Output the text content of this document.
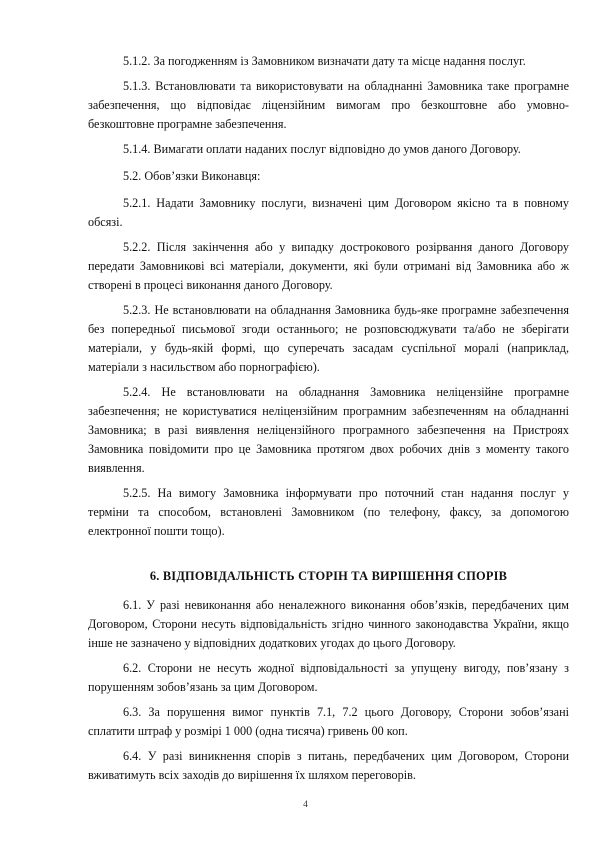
5.1.2. За погодженням із Замовником визначати дату та місце надання послуг.

5.1.3. Встановлювати та використовувати на обладнанні Замовника таке програмне забезпечення, що відповідає ліцензійним вимогам про безкоштовне або умовно-безкоштовне програмне забезпечення.

5.1.4. Вимагати оплати наданих послуг відповідно до умов даного Договору.

5.2. Обов’язки Виконавця:

5.2.1. Надати Замовнику послуги, визначені цим Договором якісно та в повному обсязі.

5.2.2. Після закінчення або у випадку дострокового розірвання даного Договору передати Замовникові всі матеріали, документи, які були отримані від Замовника або ж створені в процесі виконання даного Договору.

5.2.3. Не встановлювати на обладнання Замовника будь-яке програмне забезпечення без попередньої письмової згоди останнього; не розповсюджувати та/або не зберігати матеріали, у будь-якій формі, що суперечать засадам суспільної моралі (наприклад, матеріали з насильством або порнографією).

5.2.4. Не встановлювати на обладнання Замовника неліцензійне програмне забезпечення; не користуватися неліцензійним програмним забезпеченням на обладнанні Замовника; в разі виявлення неліцензійного програмного забезпечення на Пристроях Замовника повідомити про це Замовника протягом двох робочих днів з моменту такого виявлення.

5.2.5. На вимогу Замовника інформувати про поточний стан надання послуг у терміни та способом, встановлені Замовником (по телефону, факсу, за допомогою електронної пошти тощо).

6. ВІДПОВІДАЛЬНІСТЬ СТОРІН ТА ВИРІШЕННЯ СПОРІВ

6.1. У разі невиконання або неналежного виконання обов’язків, передбачених цим Договором, Сторони несуть відповідальність згідно чинного законодавства України, якщо інше не зазначено у відповідних додаткових угодах до цього Договору.

6.2. Сторони не несуть жодної відповідальності за упущену вигоду, пов’язану з порушенням зобов’язань за цим Договором.

6.3. За порушення вимог пунктів 7.1, 7.2 цього Договору, Сторони зобов’язані сплатити штраф у розмірі 1 000 (одна тисяча) гривень 00 коп.

6.4. У разі виникнення спорів з питань, передбачених цим Договором, Сторони вживатимуть всіх заходів до вирішення їх шляхом переговорів.

4
